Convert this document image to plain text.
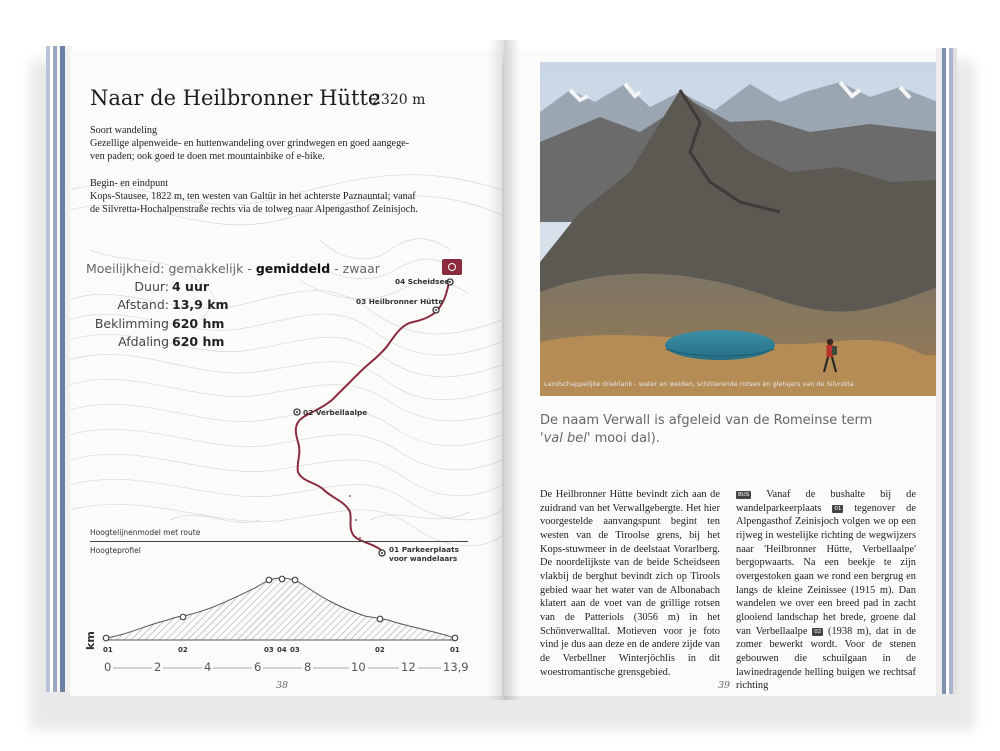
Naar de Heilbronner Hütte
2320 m
Soort wandeling
Gezellige alpenweide- en huttenwandeling over grindwegen en goed aangege-
ven paden; ook goed te doen met mountainbike of e-bike.
Begin- en eindpunt
Kops-Stausee, 1822 m, ten westen van Galtür in het achterste Paznauntal; vanaf
de Silvretta-Hochalpenstraße rechts via de tolweg naar Alpengasthof Zeinisjoch.
Moeilijkheid: gemakkelijk - gemiddeld - zwaar
Duur: 4 uur
Afstand: 13,9 km
Beklimming 620 hm
Afdaling 620 hm
04 Scheidsee
03 Heilbronner Hütte
02 Verbellaalpe
01 Parkeerplaats
voor wandelaars
Hoogtelijnenmodel met route
Hoogteprofiel
01	02	03 04 03	02	01
km
0	2	4	6	8	10	12 13,9
38
Landschappelijke drieklank - water en weiden, schitterende rotsen en gletsjers van de Silvretta
De naam Verwall is afgeleid van de Romeinse term
'val bel' mooi dal).
De Heilbronner Hütte bevindt zich aan de zuidrand van het Verwallgebergte. Het hier voorgestelde aanvangspunt begint ten westen van de Tiroolse grens, bij het Kops-stuwmeer in de deelstaat Vorarlberg. De noordelijkste van de beide Scheidseen vlakbij de berghut bevindt zich op Tirools gebied waar het water van de Albonabach klatert aan de voet van de grillige rotsen van de Patteriols (3056 m) in het Schönverwalltal. Motieven voor je foto vind je dus aan deze en de andere zijde van de Verbellner Winterjöchlis in dit woestromantische grensgebied.
BUS Vanaf de bushalte bij de wandelparkeerplaats 01 tegenover de Alpengasthof Zeinisjoch volgen we op een rijweg in westelijke richting de wegwijzers naar 'Heilbronner Hütte, Verbellaalpe' bergopwaarts. Na een beekje te zijn overgestoken gaan we rond een bergrug en langs de kleine Zeinissee (1915 m). Dan wandelen we over een breed pad in zacht glooiend landschap het brede, groene dal van Verbellaalpe 02 (1938 m), dat in de zomer bewerkt wordt. Voor de stenen gebouwen die schuilgaan in de lawinedragende helling buigen we rechtsaf richting
39
